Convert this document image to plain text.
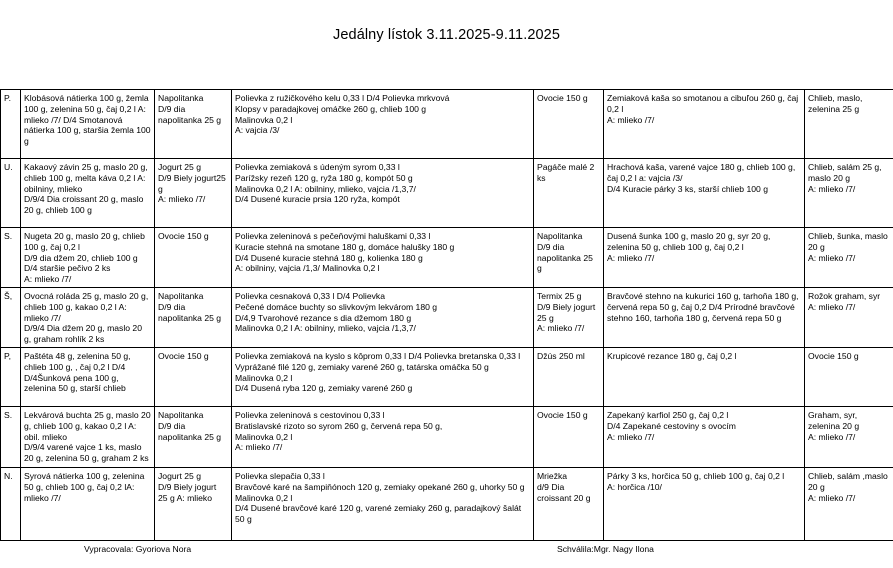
Jedálny lístok 3.11.2025-9.11.2025
P.	Klobásová nátierka 100 g, žemla 100 g, zelenina 50 g, čaj 0,2 l A: mlieko /7/ D/4 Smotanová nátierka 100 g, staršia žemla 100 g	Napolitanka
D/9 dia napolitanka 25 g	Polievka z ružičkového kelu 0,33 l D/4 Polievka mrkvová
Klopsy v paradajkovej omáčke 260 g, chlieb 100 g
Malinovka 0,2 l
A: vajcia /3/	Ovocie 150 g	Zemiaková kaša so smotanou a cibuľou 260 g, čaj 0,2 l
A: mlieko /7/	Chlieb, maslo, zelenina 25 g
U.	Kakaový závin 25 g, maslo 20 g, chlieb 100 g, melta káva 0,2 l A: obilniny, mlieko
D/9/4 Dia croissant 20 g, maslo 20 g, chlieb 100 g	Jogurt 25 g
D/9 Biely jogurt25 g
A: mlieko /7/	Polievka zemiaková s údeným syrom 0,33 l
Parížsky rezeň 120 g, ryža 180 g, kompót 50 g
Malinovka 0,2 l A: obilniny, mlieko, vajcia /1,3,7/
D/4 Dusené kuracie prsia 120 ryža, kompót	Pagáče malé 2 ks	Hrachová kaša, varené vajce 180 g, chlieb 100 g, čaj 0,2 l a: vajcia /3/
D/4 Kuracie párky 3 ks, starší chlieb 100 g	Chlieb, salám 25 g, maslo 20 g
A: mlieko /7/
S.	Nugeta 20 g, maslo 20 g, chlieb 100 g, čaj 0,2 l
D/9 dia džem 20, chlieb 100 g
D/4 staršie pečivo 2 ks
A: mlieko /7/	Ovocie 150 g	Polievka zeleninová s pečeňovými haluškami 0,33 l
Kuracie stehná na smotane 180 g, domáce halušky 180 g
D/4 Dusené kuracie stehná 180 g, kolienka 180 g
A: obilniny, vajcia /1,3/ Malinovka 0,2 l	Napolitanka
D/9 dia napolitanka 25 g	Dusená šunka 100 g, maslo 20 g, syr 20 g, zelenina 50 g, chlieb 100 g, čaj 0,2 l
A: mlieko /7/	Chlieb, šunka, maslo 20 g
A: mlieko /7/
Š,	Ovocná roláda 25 g, maslo 20 g, chlieb 100 g, kakao 0,2 l A: mlieko /7/
D/9/4 Dia džem 20 g, maslo 20 g, graham rohlík 2 ks	Napolitanka
D/9 dia napolitanka 25 g	Polievka cesnaková 0,33 l D/4 Polievka
Pečené domáce buchty so slivkovým lekvárom 180 g
D/4,9 Tvarohové rezance s dia džemom 180 g
Malinovka 0,2 l A: obilniny, mlieko, vajcia /1,3,7/	Termix 25 g
D/9 Biely jogurt 25 g
A: mlieko /7/	Bravčové stehno na kukurici 160 g, tarhoňa 180 g, červená repa 50 g, čaj 0,2 D/4 Prírodné bravčové stehno 160, tarhoňa 180 g, červená repa 50 g	Rožok graham, syr
A: mlieko /7/
P,	Paštéta 48 g, zelenina 50 g, chlieb 100 g, , čaj 0,2 l D/4 D/4Šunková pena 100 g, zelenina 50 g, starší chlieb	Ovocie 150 g	Polievka zemiaková na kyslo s kôprom 0,33 l D/4 Polievka bretanska 0,33 l
Vyprážané filé 120 g, zemiaky varené 260 g, tatárska omáčka 50 g
Malinovka 0,2 l
D/4 Dusená ryba 120 g, zemiaky varené 260 g	Džús 250 ml	Krupicové rezance 180 g, čaj 0,2 l	Ovocie 150 g
S.	Lekvárová buchta 25 g, maslo 20 g, chlieb 100 g, kakao 0,2 l A: obil. mlieko
D/9/4 varené vajce 1 ks, maslo 20 g, zelenina 50 g, graham 2 ks	Napolitanka
D/9 dia napolitanka 25 g	Polievka zeleninová s cestovinou 0,33 l
Bratislavské rizoto so syrom 260 g, červená repa 50 g,
Malinovka 0,2 l
A: mlieko /7/	Ovocie 150 g	Zapekaný karfiol 250 g, čaj 0,2 l
D/4 Zapekané cestoviny s ovocím
A: mlieko /7/	Graham, syr, zelenina 20 g
A: mlieko /7/
N.	Syrová nátierka 100 g, zelenina 50 g, chlieb 100 g, čaj 0,2 lA: mlieko /7/	Jogurt 25 g
D/9 Biely jogurt 25 g A: mlieko	Polievka slepačia 0,33 l
Bravčové karé na šampiňónoch 120 g, zemiaky opekané 260 g, uhorky 50 g Malinovka 0,2 l
D/4 Dusené bravčové karé 120 g, varené zemiaky 260 g, paradajkový šalát 50 g	Mriežka
d/9 Dia croissant 20 g	Párky 3 ks, horčica 50 g, chlieb 100 g, čaj 0,2 l
A: horčica /10/	Chlieb, salám ,maslo 20 g
A: mlieko /7/
Vypracovala: Gyoriova Nora	Schválila:Mgr. Nagy Ilona
